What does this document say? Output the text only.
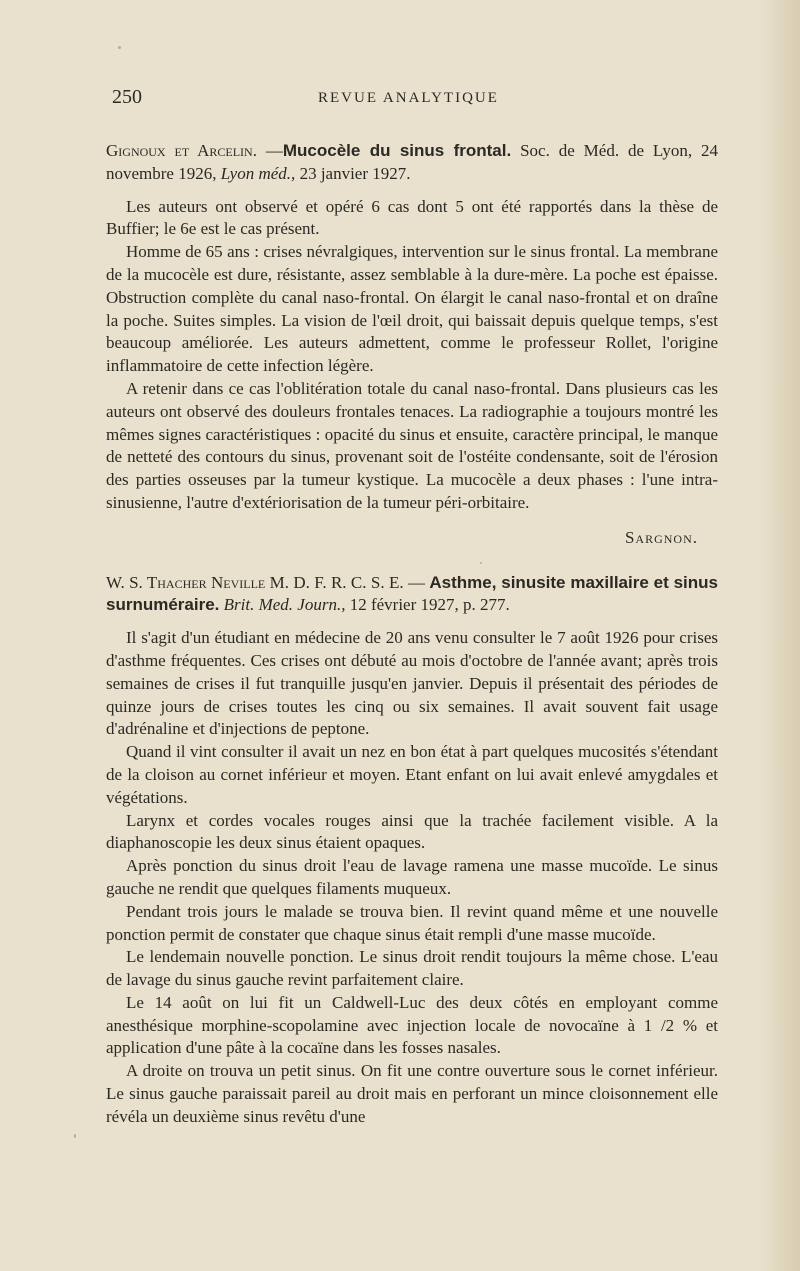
250	REVUE ANALYTIQUE

Gignoux et Arcelin. —Mucocèle du sinus frontal. Soc. de Méd. de Lyon, 24 novembre 1926, Lyon méd., 23 janvier 1927.

Les auteurs ont observé et opéré 6 cas dont 5 ont été rapportés dans la thèse de Buffier; le 6e est le cas présent.

Homme de 65 ans : crises névralgiques, intervention sur le sinus frontal. La membrane de la mucocèle est dure, résistante, assez semblable à la dure-mère. La poche est épaisse. Obstruction complète du canal naso-frontal. On élargit le canal naso-frontal et on draîne la poche. Suites simples. La vision de l'œil droit, qui baissait depuis quelque temps, s'est beaucoup améliorée. Les auteurs admettent, comme le professeur Rollet, l'origine inflammatoire de cette infection légère.

A retenir dans ce cas l'oblitération totale du canal naso-frontal. Dans plusieurs cas les auteurs ont observé des douleurs frontales tenaces. La radiographie a toujours montré les mêmes signes caractéristiques : opacité du sinus et ensuite, caractère principal, le manque de netteté des contours du sinus, provenant soit de l'ostéite condensante, soit de l'érosion des parties osseuses par la tumeur kystique. La mucocèle a deux phases : l'une intra-sinusienne, l'autre d'extériorisation de la tumeur péri-orbitaire.

Sargnon.

W. S. Thacher Neville M. D. F. R. C. S. E. — Asthme, sinusite maxillaire et sinus surnuméraire. Brit. Med. Journ., 12 février 1927, p. 277.

Il s'agit d'un étudiant en médecine de 20 ans venu consulter le 7 août 1926 pour crises d'asthme fréquentes. Ces crises ont débuté au mois d'octobre de l'année avant; après trois semaines de crises il fut tranquille jusqu'en janvier. Depuis il présentait des périodes de quinze jours de crises toutes les cinq ou six semaines. Il avait souvent fait usage d'adrénaline et d'injections de peptone.

Quand il vint consulter il avait un nez en bon état à part quelques mucosités s'étendant de la cloison au cornet inférieur et moyen. Etant enfant on lui avait enlevé amygdales et végétations.

Larynx et cordes vocales rouges ainsi que la trachée facilement visible. A la diaphanoscopie les deux sinus étaient opaques.

Après ponction du sinus droit l'eau de lavage ramena une masse mucoïde. Le sinus gauche ne rendit que quelques filaments muqueux.

Pendant trois jours le malade se trouva bien. Il revint quand même et une nouvelle ponction permit de constater que chaque sinus était rempli d'une masse mucoïde.

Le lendemain nouvelle ponction. Le sinus droit rendit toujours la même chose. L'eau de lavage du sinus gauche revint parfaitement claire.

Le 14 août on lui fit un Caldwell-Luc des deux côtés en employant comme anesthésique morphine-scopolamine avec injection locale de novocaïne à 1 /2 % et application d'une pâte à la cocaïne dans les fosses nasales.

A droite on trouva un petit sinus. On fit une contre ouverture sous le cornet inférieur. Le sinus gauche paraissait pareil au droit mais en perforant un mince cloisonnement elle révéla un deuxième sinus revêtu d'une
